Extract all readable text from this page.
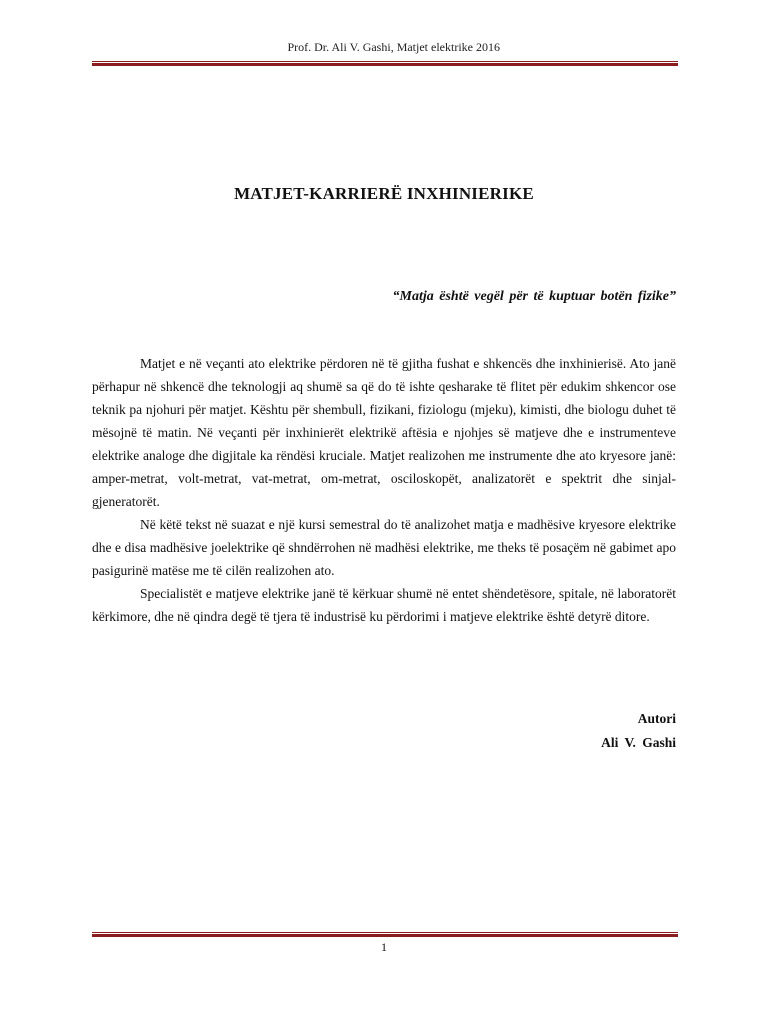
Prof. Dr. Ali V. Gashi, Matjet elektrike 2016
MATJET-KARRIERË INXHINIERIKE
“Matja është vegël për të kuptuar botën fizike”

Matjet e në veçanti ato elektrike përdoren në të gjitha fushat e shkencës dhe inxhinierisë. Ato janë përhapur në shkencë dhe teknologji aq shumë sa që do të ishte qesharake të flitet për edukim shkencor ose teknik pa njohuri për matjet. Kështu për shembull, fizikani, fiziologu (mjeku), kimisti, dhe biologu duhet të mësojnë të matin. Në veçanti për inxhinierët elektrikë aftësia e njohjes së matjeve dhe e instrumenteve elektrike analoge dhe digjitale ka rëndësi kruciale. Matjet realizohen me instrumente dhe ato kryesore janë: amper-metrat, volt-metrat, vat-metrat, om-metrat, osciloskopët, analizatorët e spektrit dhe sinjal-gjeneratorët.

Në këtë tekst në suazat e një kursi semestral do të analizohet matja e madhësive kryesore elektrike dhe e disa madhësive joelektrike që shndërrohen në madhësi elektrike, me theks të posaçëm në gabimet apo pasigurinë matëse me të cilën realizohen ato.

Specialistët e matjeve elektrike janë të kërkuar shumë në entet shëndetësore, spitale, në laboratorët kërkimore, dhe në qindra degë të tjera të industrisë ku përdorimi i matjeve elektrike është detyrë ditore.

Autori
Ali V. Gashi
1
